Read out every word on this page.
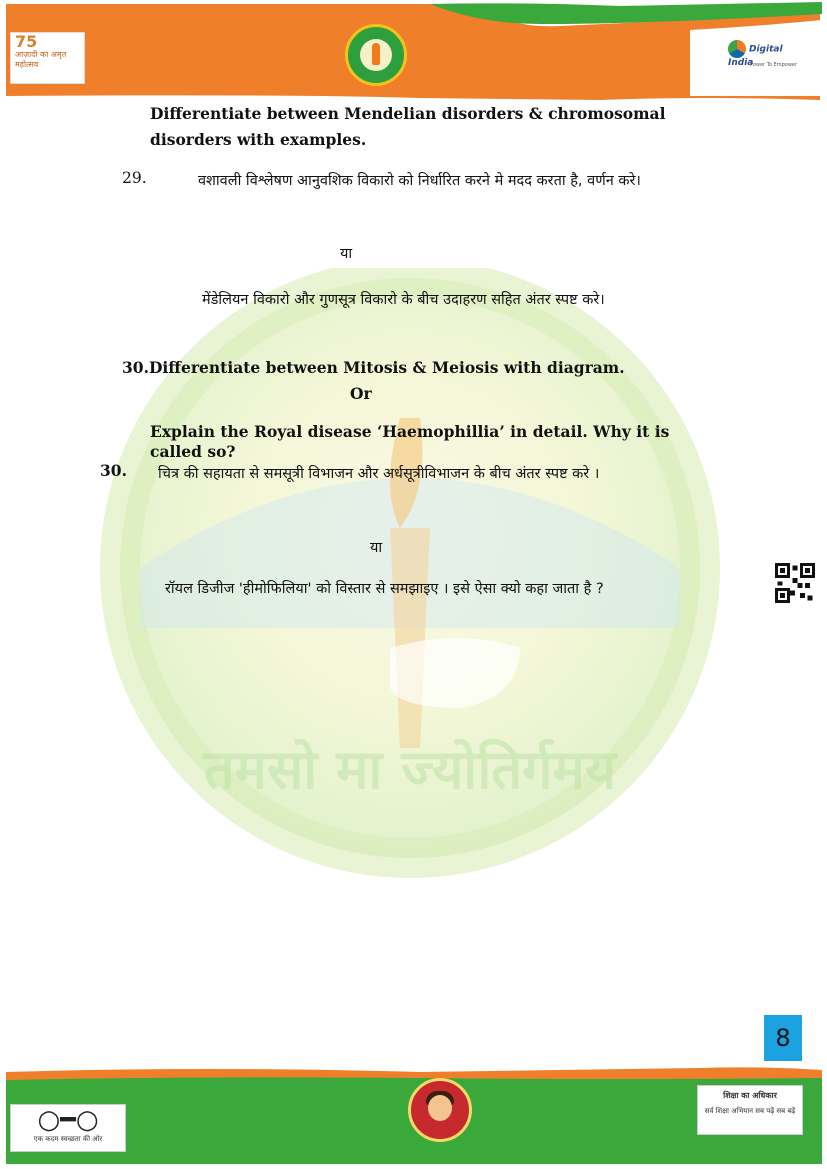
75
आज़ादी का अमृत महोत्सव
Digital India
Power To Empower
तमसो मा ज्योतिर्गमय
Differentiate between Mendelian disorders & chromosomal disorders with examples.
29.	वशावली विश्लेषण आनुवशिक विकारो को निर्धारित करने मे मदद करता है, वर्णन करे।
या
मेंडेलियन विकारो और गुणसूत्र विकारो के बीच उदाहरण सहित अंतर स्पष्ट करे।
30.Differentiate between Mitosis & Meiosis with diagram.
Or
Explain the Royal disease ‘Haemophillia’ in detail. Why it is called so?
30.	चित्र की सहायता से समसूत्री विभाजन और अर्धसूत्रीविभाजन के बीच अंतर स्पष्ट करे ।
या
रॉयल डिजीज 'हीमोफिलिया' को विस्तार से समझाइए । इसे ऐसा क्यो कहा जाता है ?
8
○━○
एक कदम स्वच्छता की ओर
शिक्षा का अधिकार
सर्व शिक्षा अभियान सब पढ़ें सब बढ़ें
